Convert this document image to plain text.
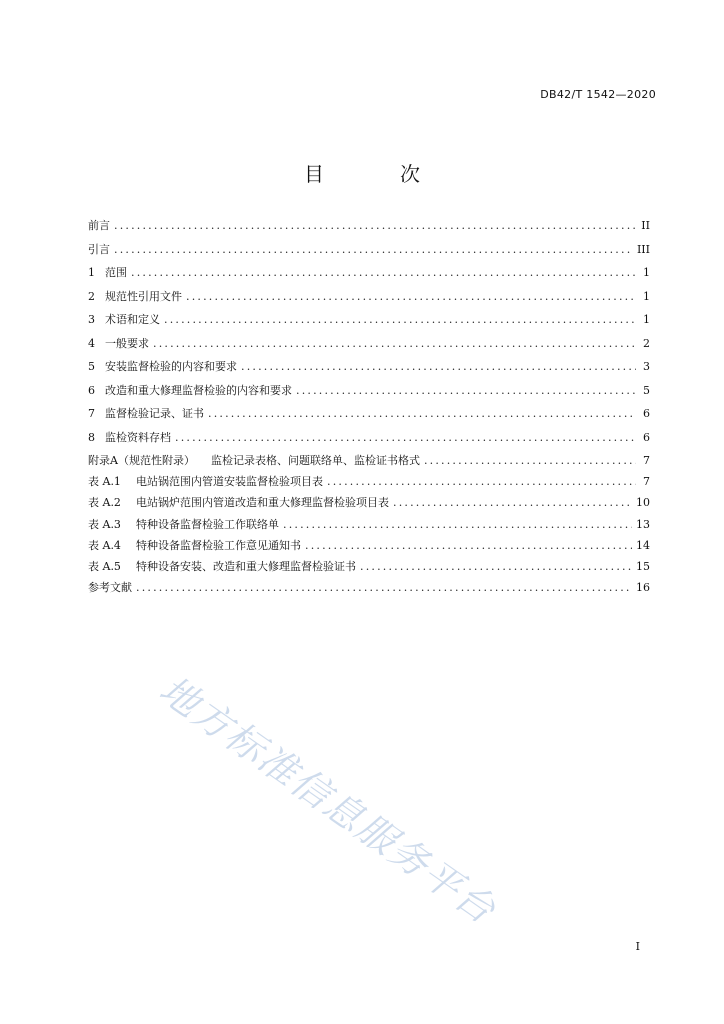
DB42/T 1542—2020
目　次
前言 .....	II
引言 .....	III
1 范围 .....	1
2 规范性引用文件 .....	1
3 术语和定义 .....	1
4 一般要求 .....	2
5 安装监督检验的内容和要求 .....	3
6 改造和重大修理监督检验的内容和要求 .....	5
7 监督检验记录、证书 .....	6
8 监检资料存档 .....	6
附录A（规范性附录） 监检记录表格、问题联络单、监检证书格式 .....	7
表 A.1	电站锅范围内管道安装监督检验项目表 .....	7
表 A.2	电站锅炉范围内管道改造和重大修理监督检验项目表 .....	10
表 A.3	特种设备监督检验工作联络单 .....	13
表 A.4	特种设备监督检验工作意见通知书 .....	14
表 A.5	特种设备安装、改造和重大修理监督检验证书 .....	15
参考文献 .....	16
地方标准信息服务平台
I
